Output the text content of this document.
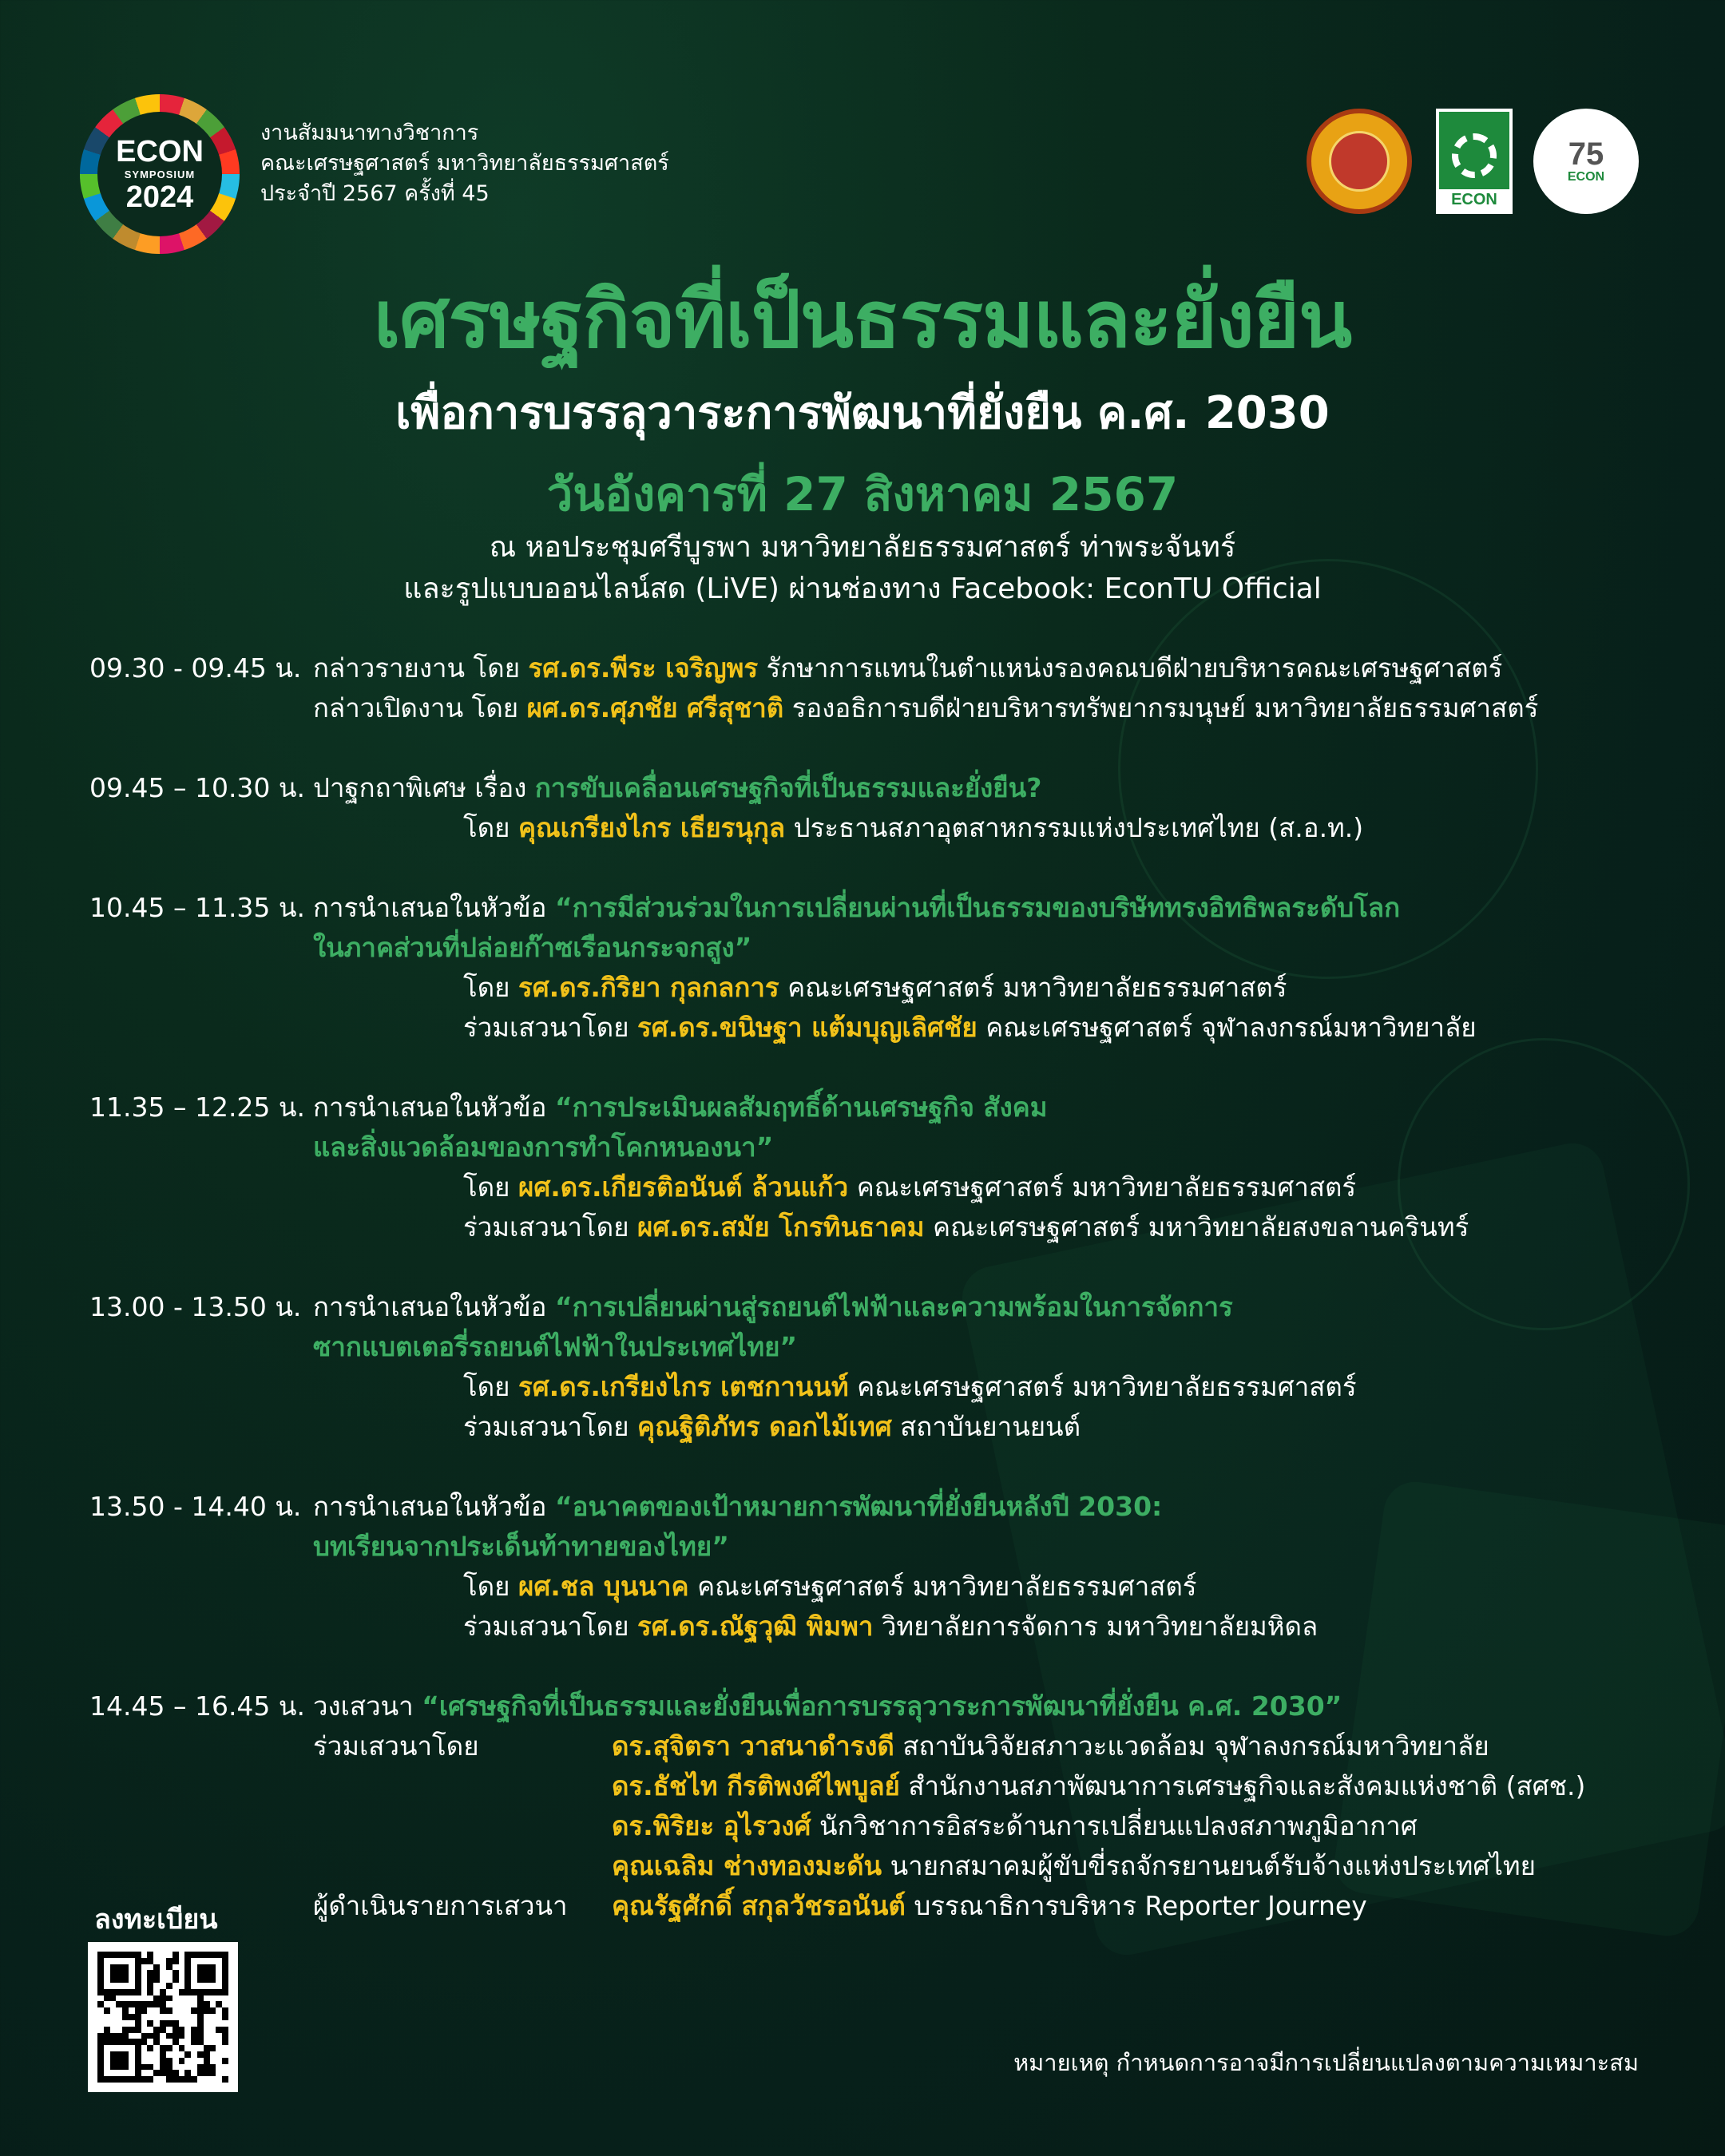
ECON
SYMPOSIUM
2024
งานสัมมนาทางวิชาการ
คณะเศรษฐศาสตร์ มหาวิทยาลัยธรรมศาสตร์
ประจำปี 2567 ครั้งที่ 45	ECON
75
ECON
เศรษฐกิจที่เป็นธรรมและยั่งยืน
เพื่อการบรรลุวาระการพัฒนาที่ยั่งยืน ค.ศ. 2030
วันอังคารที่ 27 สิงหาคม 2567
ณ หอประชุมศรีบูรพา มหาวิทยาลัยธรรมศาสตร์ ท่าพระจันทร์
และรูปแบบออนไลน์สด (LiVE) ผ่านช่องทาง Facebook: EconTU Official
09.30 - 09.45 น. กล่าวรายงาน โดย รศ.ดร.พีระ เจริญพร รักษาการแทนในตำแหน่งรองคณบดีฝ่ายบริหารคณะเศรษฐศาสตร์
กล่าวเปิดงาน โดย ผศ.ดร.ศุภชัย ศรีสุชาติ รองอธิการบดีฝ่ายบริหารทรัพยากรมนุษย์ มหาวิทยาลัยธรรมศาสตร์
09.45 – 10.30 น. ปาฐกถาพิเศษ เรื่อง การขับเคลื่อนเศรษฐกิจที่เป็นธรรมและยั่งยืน?
โดย คุณเกรียงไกร เธียรนุกุล ประธานสภาอุตสาหกรรมแห่งประเทศไทย (ส.อ.ท.)
10.45 – 11.35 น. การนำเสนอในหัวข้อ “การมีส่วนร่วมในการเปลี่ยนผ่านที่เป็นธรรมของบริษัททรงอิทธิพลระดับโลก
ในภาคส่วนที่ปล่อยก๊าซเรือนกระจกสูง”
โดย รศ.ดร.กิริยา กุลกลการ คณะเศรษฐศาสตร์ มหาวิทยาลัยธรรมศาสตร์
ร่วมเสวนาโดย รศ.ดร.ขนิษฐา แต้มบุญเลิศชัย คณะเศรษฐศาสตร์ จุฬาลงกรณ์มหาวิทยาลัย
11.35 – 12.25 น. การนำเสนอในหัวข้อ “การประเมินผลสัมฤทธิ์ด้านเศรษฐกิจ สังคม
และสิ่งแวดล้อมของการทำโคกหนองนา”
โดย ผศ.ดร.เกียรติอนันต์ ล้วนแก้ว คณะเศรษฐศาสตร์ มหาวิทยาลัยธรรมศาสตร์
ร่วมเสวนาโดย ผศ.ดร.สมัย โกรทินธาคม คณะเศรษฐศาสตร์ มหาวิทยาลัยสงขลานครินทร์
13.00 - 13.50 น. การนำเสนอในหัวข้อ “การเปลี่ยนผ่านสู่รถยนต์ไฟฟ้าและความพร้อมในการจัดการ
ซากแบตเตอรี่รถยนต์ไฟฟ้าในประเทศไทย”
โดย รศ.ดร.เกรียงไกร เตชกานนท์ คณะเศรษฐศาสตร์ มหาวิทยาลัยธรรมศาสตร์
ร่วมเสวนาโดย คุณฐิติภัทร ดอกไม้เทศ สถาบันยานยนต์
13.50 - 14.40 น. การนำเสนอในหัวข้อ “อนาคตของเป้าหมายการพัฒนาที่ยั่งยืนหลังปี 2030:
บทเรียนจากประเด็นท้าทายของไทย”
โดย ผศ.ชล บุนนาค คณะเศรษฐศาสตร์ มหาวิทยาลัยธรรมศาสตร์
ร่วมเสวนาโดย รศ.ดร.ณัฐวุฒิ พิมพา วิทยาลัยการจัดการ มหาวิทยาลัยมหิดล
14.45 – 16.45 น. วงเสวนา “เศรษฐกิจที่เป็นธรรมและยั่งยืนเพื่อการบรรลุวาระการพัฒนาที่ยั่งยืน ค.ศ. 2030”
ร่วมเสวนาโดย	ดร.สุจิตรา วาสนาดำรงดี สถาบันวิจัยสภาวะแวดล้อม จุฬาลงกรณ์มหาวิทยาลัย
ดร.ธัชไท กีรติพงศ์ไพบูลย์ สำนักงานสภาพัฒนาการเศรษฐกิจและสังคมแห่งชาติ (สศช.)
ดร.พิริยะ อุไรวงศ์ นักวิชาการอิสระด้านการเปลี่ยนแปลงสภาพภูมิอากาศ
คุณเฉลิม ช่างทองมะดัน นายกสมาคมผู้ขับขี่รถจักรยานยนต์รับจ้างแห่งประเทศไทย
ผู้ดำเนินรายการเสวนา คุณรัฐศักดิ์ สกุลวัชรอนันต์ บรรณาธิการบริหาร Reporter Journey
ลงทะเบียน
หมายเหตุ กำหนดการอาจมีการเปลี่ยนแปลงตามความเหมาะสม
